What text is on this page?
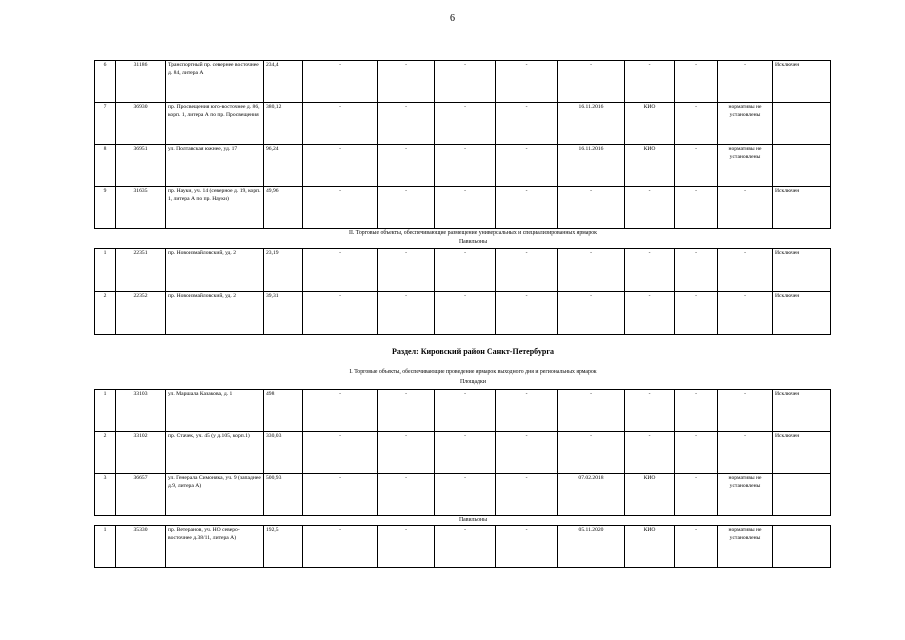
6
6	31186	Транспортный пр. севернее восточнее д. 84, литера А	234,4	-	-	-	-	-	-	-	-	Исключен
7	36930	пр. Просвещения юго-восточнее д. 86, корп. 1, литера А по пр. Просвещения	380,12	-	-	-	-	16.11.2016	КИО	-	нормативы не установлены	
8	36951	ул. Полтавская южнее, уд. 17	96,24	-	-	-	-	16.11.2016	КИО	-	нормативы не установлены	
9	31635	пр. Науки, уч. 14 (северное д. 19, корп. 1, литера А по пр. Науки)	49,96	-	-	-	-	-	-	-	-	Исключен
II. Торговые объекты, обеспечивающие размещение универсальных и специализированных ярмарок
Павильоны
1	22351	пр. Новоизмайловский, уд. 2	23,19	-	-	-	-	-	-	-	-	Исключен
2	22352	пр. Новоизмайловский, уд. 2	39,31	-	-	-	-	-	-	-	-	Исключен
Раздел: Кировский район Санкт-Петербурга
I. Торговые объекты, обеспечивающие проведение ярмарок выходного дня и региональных ярмарок
Площадки
1	33103	ул. Маршала Казакова, д. 1	498	-	-	-	-	-	-	-	-	Исключен
2	33102	пр. Стачек, уч. 45 (у д.105, корп.1)	330,03	-	-	-	-	-	-	-	-	Исключен
3	36657	ул. Генерала Симоняка, уч. 9 (западнее д.9, литера А)	500,93	-	-	-	-	07.02.2018	КИО	-	нормативы не установлены	
Павильоны
1	35330	пр. Ветеранов, уч. НО северо-восточнее д.38/11, литера А)	192,5	-	-	-	-	05.11.2020	КИО	-	нормативы не установлены	
